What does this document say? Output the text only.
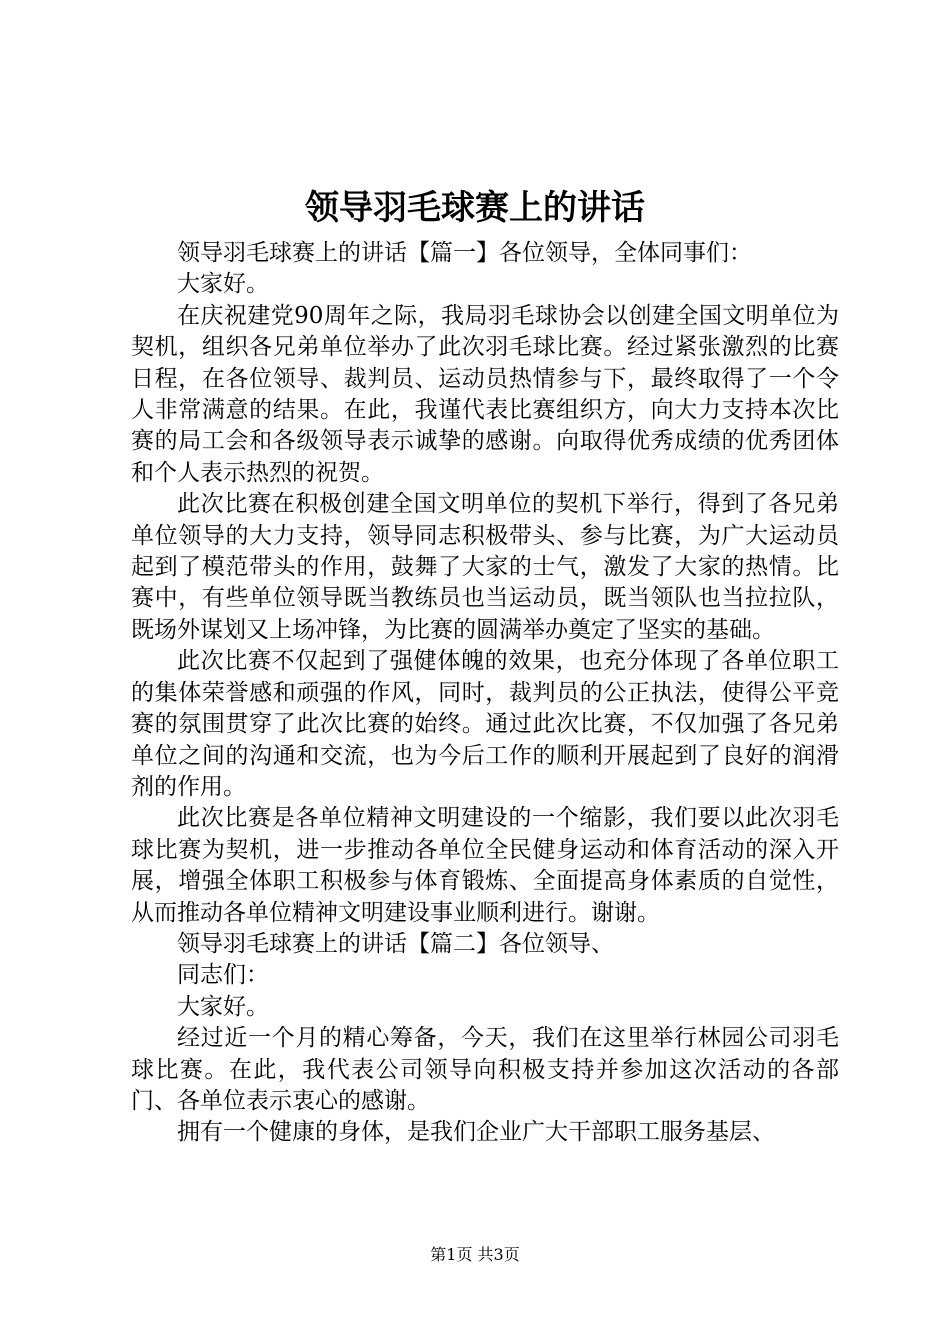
领导羽毛球赛上的讲话

领导羽毛球赛上的讲话【篇一】各位领导，全体同事们：

大家好。

在庆祝建党90周年之际，我局羽毛球协会以创建全国文明单位为契机，组织各兄弟单位举办了此次羽毛球比赛。经过紧张激烈的比赛日程，在各位领导、裁判员、运动员热情参与下，最终取得了一个令人非常满意的结果。在此，我谨代表比赛组织方，向大力支持本次比赛的局工会和各级领导表示诚挚的感谢。向取得优秀成绩的优秀团体和个人表示热烈的祝贺。

此次比赛在积极创建全国文明单位的契机下举行，得到了各兄弟单位领导的大力支持，领导同志积极带头、参与比赛，为广大运动员起到了模范带头的作用，鼓舞了大家的士气，激发了大家的热情。比赛中，有些单位领导既当教练员也当运动员，既当领队也当拉拉队，既场外谋划又上场冲锋，为比赛的圆满举办奠定了坚实的基础。

此次比赛不仅起到了强健体魄的效果，也充分体现了各单位职工的集体荣誉感和顽强的作风，同时，裁判员的公正执法，使得公平竞赛的氛围贯穿了此次比赛的始终。通过此次比赛，不仅加强了各兄弟单位之间的沟通和交流，也为今后工作的顺利开展起到了良好的润滑剂的作用。

此次比赛是各单位精神文明建设的一个缩影，我们要以此次羽毛球比赛为契机，进一步推动各单位全民健身运动和体育活动的深入开展，增强全体职工积极参与体育锻炼、全面提高身体素质的自觉性，从而推动各单位精神文明建设事业顺利进行。谢谢。

领导羽毛球赛上的讲话【篇二】各位领导、

同志们：

大家好。

经过近一个月的精心筹备，今天，我们在这里举行林园公司羽毛球比赛。在此，我代表公司领导向积极支持并参加这次活动的各部门、各单位表示衷心的感谢。

拥有一个健康的身体，是我们企业广大干部职工服务基层、

第1页 共3页
